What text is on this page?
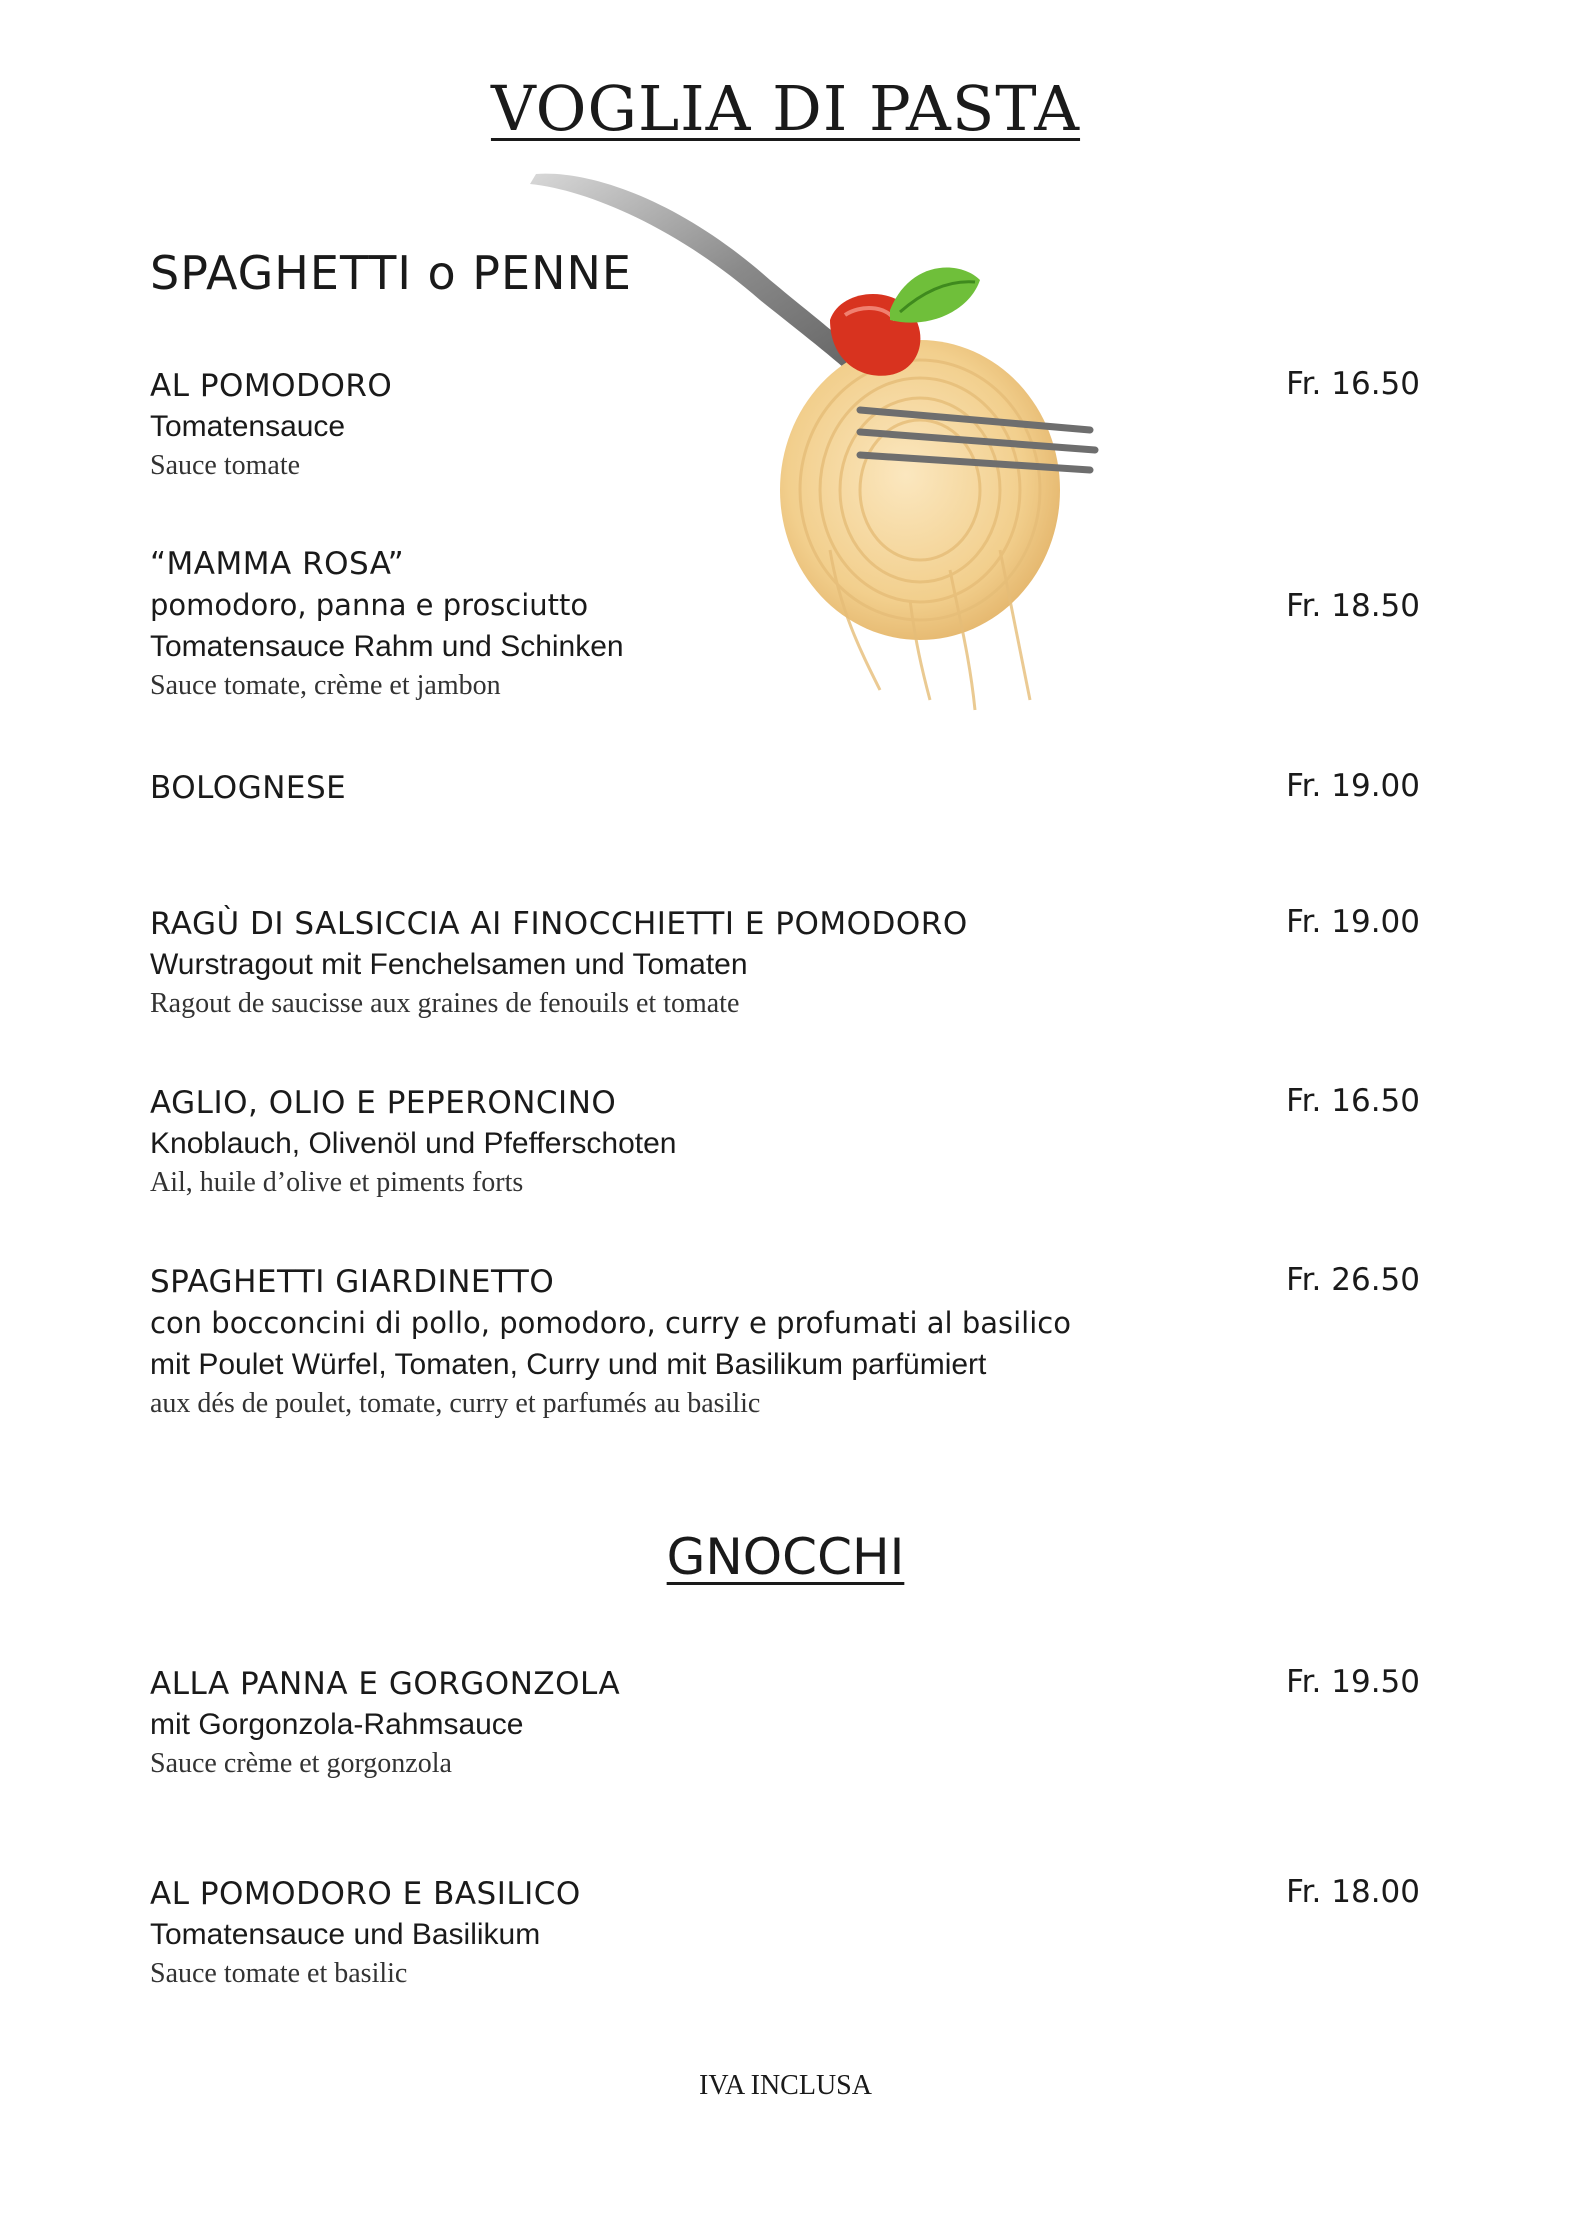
VOGLIA DI PASTA
SPAGHETTI o PENNE
AL POMODORO
Tomatensauce
Sauce tomate
Fr. 16.50
“MAMMA ROSA”
pomodoro, panna e prosciutto
Tomatensauce Rahm und Schinken
Sauce tomate, crème et jambon
Fr. 18.50
BOLOGNESE	Fr. 19.00
RAGÙ DI SALSICCIA AI FINOCCHIETTI E POMODORO
Wurstragout mit Fenchelsamen und Tomaten
Ragout de saucisse aux graines de fenouils et tomate
Fr. 19.00
AGLIO, OLIO E PEPERONCINO
Knoblauch, Olivenöl und Pfefferschoten
Ail, huile d’olive et piments forts
Fr. 16.50
SPAGHETTI GIARDINETTO
con bocconcini di pollo, pomodoro, curry e profumati al basilico
mit Poulet Würfel, Tomaten, Curry und mit Basilikum parfümiert
aux dés de poulet, tomate, curry et parfumés au basilic
Fr. 26.50
GNOCCHI
ALLA PANNA E GORGONZOLA
mit Gorgonzola-Rahmsauce
Sauce crème et gorgonzola
Fr. 19.50
AL POMODORO E BASILICO
Tomatensauce und Basilikum
Sauce tomate et basilic
Fr. 18.00
IVA INCLUSA
